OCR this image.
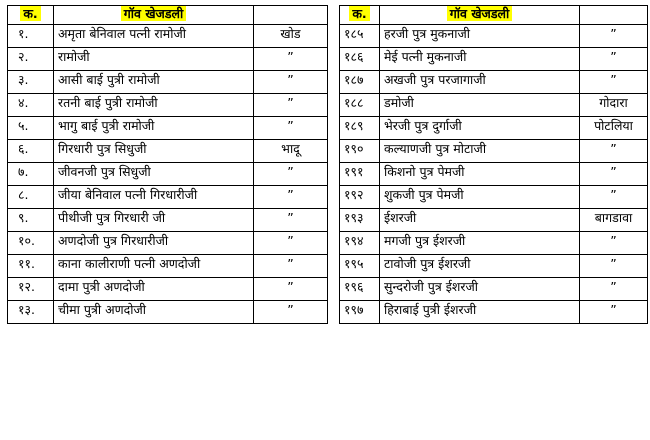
क.	गॉव खेजडली			क.	गॉव खेजडली	
१.	अमृता बेनिवाल पत्नी रामोजी	खोड		१८५	हरजी पुत्र मुकनाजी	”
२.	रामोजी	”		१८६	मेई पत्नी मुकनाजी	”
३.	आसी बाई पुत्री रामोजी	”		१८७	अखजी पुत्र परजागाजी	”
४.	रतनी बाई पुत्री रामोजी	”		१८८	डमोजी	गोदारा
५.	भागु बाई पुत्री रामोजी	”		१८९	भेरजी पुत्र दुर्गाजी	पोटलिया
६.	गिरधारी पुत्र सिधुजी	भादू		१९०	कल्याणजी पुत्र मोटाजी	”
७.	जीवनजी पुत्र सिधुजी	”		१९१	किशनो पुत्र पेमजी	”
८.	जीया बेनिवाल पत्नी गिरधारीजी	”		१९२	शुकजी पुत्र पेमजी	”
९.	पीथीजी पुत्र गिरधारी जी	”		१९३	ईशरजी	बागडावा
१०.	अणदोजी पुत्र गिरधारीजी	”		१९४	मगजी पुत्र ईशरजी	”
११.	काना कालीराणी पत्नी अणदोजी	”		१९५	टावोजी पुत्र ईशरजी	”
१२.	दामा पुत्री अणदोजी	”		१९६	सुन्दरोजी पुत्र ईशरजी	”
१३.	चीमा पुत्री अणदोजी	”		१९७	हिराबाई पुत्री ईशरजी	”
